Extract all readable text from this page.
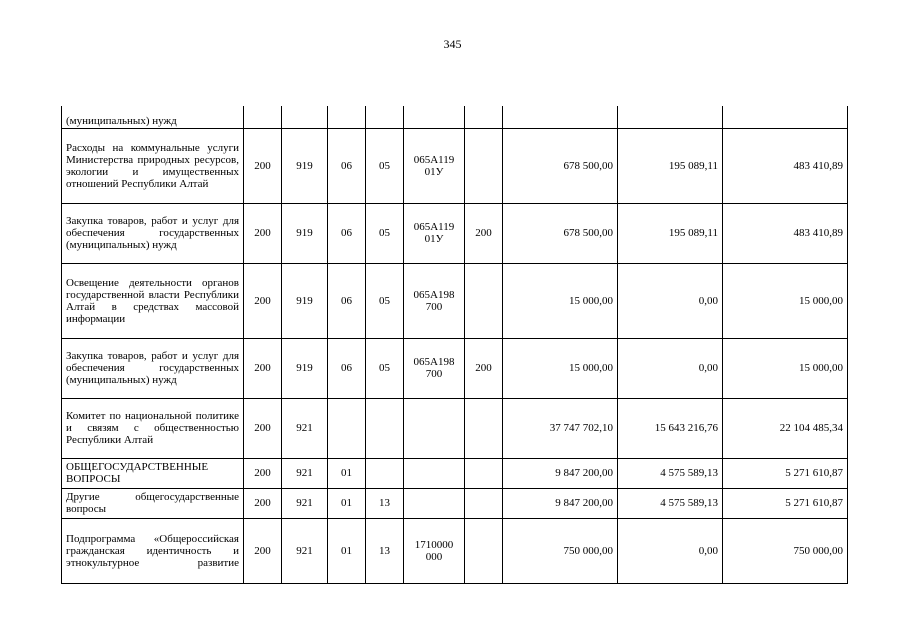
345
(муниципальных) нужд									
Расходы на коммунальные услуги Министерства природных ресурсов, экологии и имущественных отношений Республики Алтай	200	919	06	05	065A119 01У		678 500,00	195 089,11	483 410,89
Закупка товаров, работ и услуг для обеспечения государственных (муниципальных) нужд	200	919	06	05	065A119 01У	200	678 500,00	195 089,11	483 410,89
Освещение деятельности органов государственной власти Республики Алтай в средствах массовой информации	200	919	06	05	065A198 700		15 000,00	0,00	15 000,00
Закупка товаров, работ и услуг для обеспечения государственных (муниципальных) нужд	200	919	06	05	065A198 700	200	15 000,00	0,00	15 000,00
Комитет по национальной политике и связям с общественностью Республики Алтай	200	921					37 747 702,10	15 643 216,76	22 104 485,34
ОБЩЕГОСУДАРСТВЕННЫЕ ВОПРОСЫ	200	921	01				9 847 200,00	4 575 589,13	5 271 610,87
Другие общегосударственные вопросы	200	921	01	13			9 847 200,00	4 575 589,13	5 271 610,87
Подпрограмма «Общероссийская гражданская идентичность и этнокультурное развитие	200	921	01	13	1710000 000		750 000,00	0,00	750 000,00
